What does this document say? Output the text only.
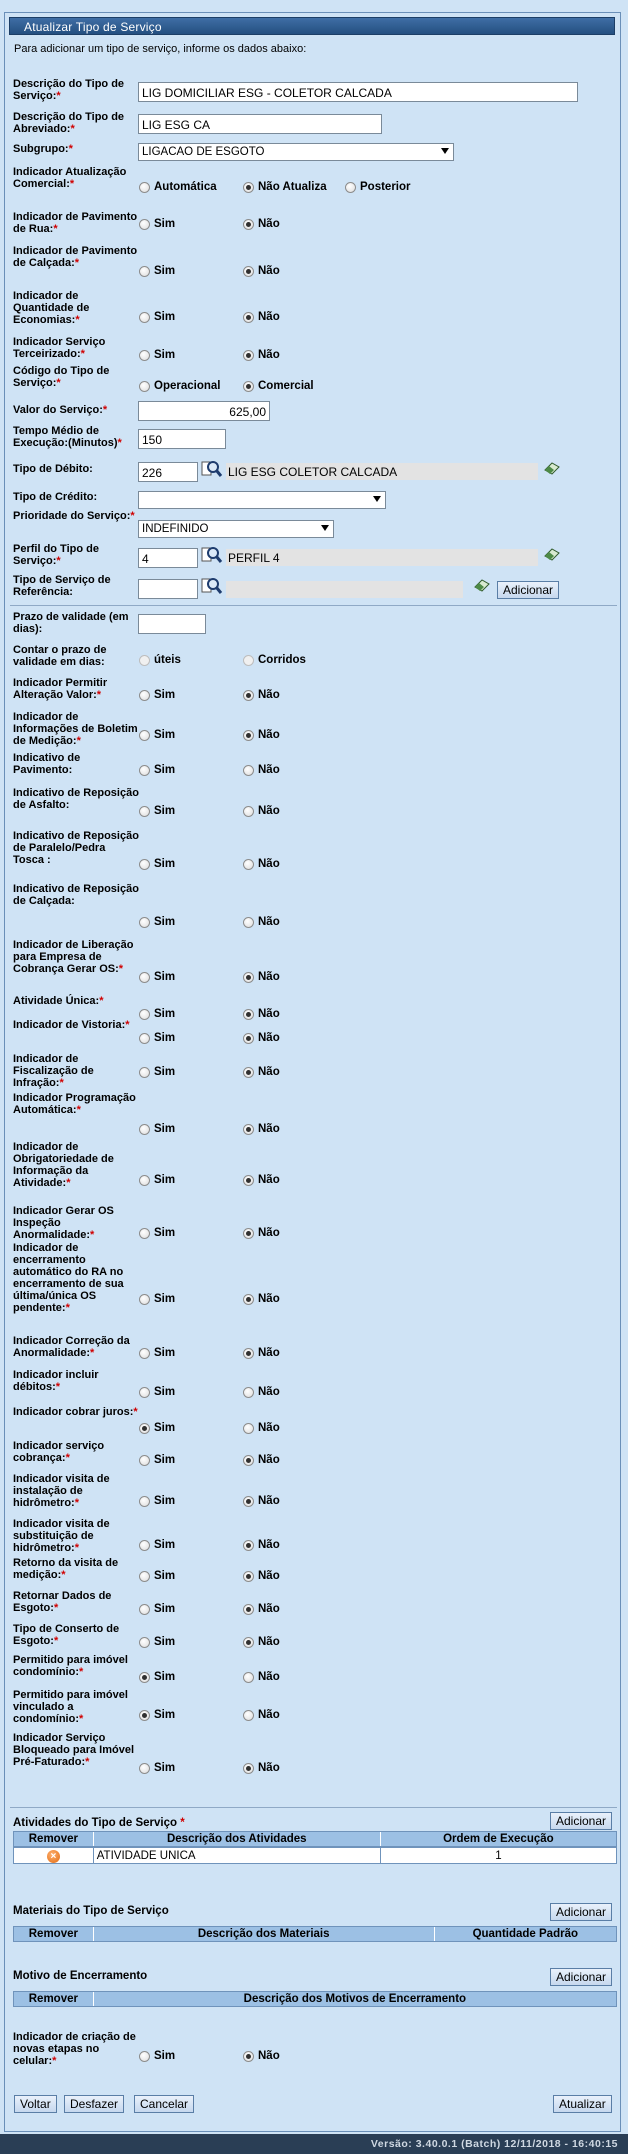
Atualizar Tipo de Serviço
Para adicionar um tipo de serviço, informe os dados abaixo:
Descrição do Tipo de Serviço:*	LIG DOMICILIAR ESG - COLETOR CALCADA
Descrição do Tipo de Abreviado:*	LIG ESG CA
Subgrupo:*	LIGACAO DE ESGOTO
Indicador Atualização Comercial:*	Automática	Não Atualiza	Posterior
Indicador de Pavimento de Rua:*	Sim	Não
Indicador de Pavimento de Calçada:*
Sim	Não
Indicador de Quantidade de Economias:*	Sim	Não
Indicador Serviço Terceirizado:*	Sim	Não
Código do Tipo de Serviço:*	Operacional	Comercial
Valor do Serviço:*	625,00
Tempo Médio de Execução:(Minutos)*	150
Tipo de Débito:	226	LIG ESG COLETOR CALCADA
Tipo de Crédito:
Prioridade do Serviço:*
INDEFINIDO
Perfil do Tipo de Serviço:*	4	PERFIL 4
Tipo de Serviço de Referência:	Adicionar
Prazo de validade (em dias):
Contar o prazo de validade em dias:	úteis	Corridos
Indicador Permitir Alteração Valor:*	Sim	Não
Indicador de Informações de Boletim de Medição:*	Sim	Não
Indicativo de Pavimento:	Sim	Não
Indicativo de Reposição de Asfalto:	Sim	Não
Indicativo de Reposição de Paralelo/Pedra Tosca :	Sim	Não
Indicativo de Reposição de Calçada:
Sim	Não
Indicador de Liberação para Empresa de Cobrança Gerar OS:*
Sim	Não
Atividade Única:*
Sim	Não
Indicador de Vistoria:*
Sim	Não
Indicador de Fiscalização de Infração:*
Sim	Não
Indicador Programação Automática:*
Sim	Não
Indicador de Obrigatoriedade de Informação da Atividade:*	Sim	Não
Indicador Gerar OS Inspeção Anormalidade:*	Sim	Não
Indicador de encerramento automático do RA no encerramento de sua última/única OS pendente:*
Sim	Não
Indicador Correção da Anormalidade:*	Sim	Não
Indicador incluir débitos:*	Sim	Não
Indicador cobrar juros:*
Sim	Não
Indicador serviço cobrança:*	Sim	Não
Indicador visita de instalação de hidrômetro:*	Sim	Não
Indicador visita de substituição de hidrômetro:*	Sim	Não
Retorno da visita de medição:*	Sim	Não
Retornar Dados de Esgoto:*	Sim	Não
Tipo de Conserto de Esgoto:*	Sim	Não
Permitido para imóvel condomínio:*	Sim	Não
Permitido para imóvel vinculado a condomínio:*	Sim	Não
Indicador Serviço Bloqueado para Imóvel Pré-Faturado:*	Sim	Não
Atividades do Tipo de Serviço *	Adicionar
Remover	Descrição dos Atividades	Ordem de Execução
×	ATIVIDADE UNICA	1
Materiais do Tipo de Serviço	Adicionar
Remover	Descrição dos Materiais	Quantidade Padrão
Motivo de Encerramento	Adicionar
Remover	Descrição dos Motivos de Encerramento
Indicador de criação de novas etapas no celular:*	Sim	Não
Voltar	Desfazer	Cancelar	Atualizar
Versão: 3.40.0.1 (Batch) 12/11/2018 - 16:40:15
